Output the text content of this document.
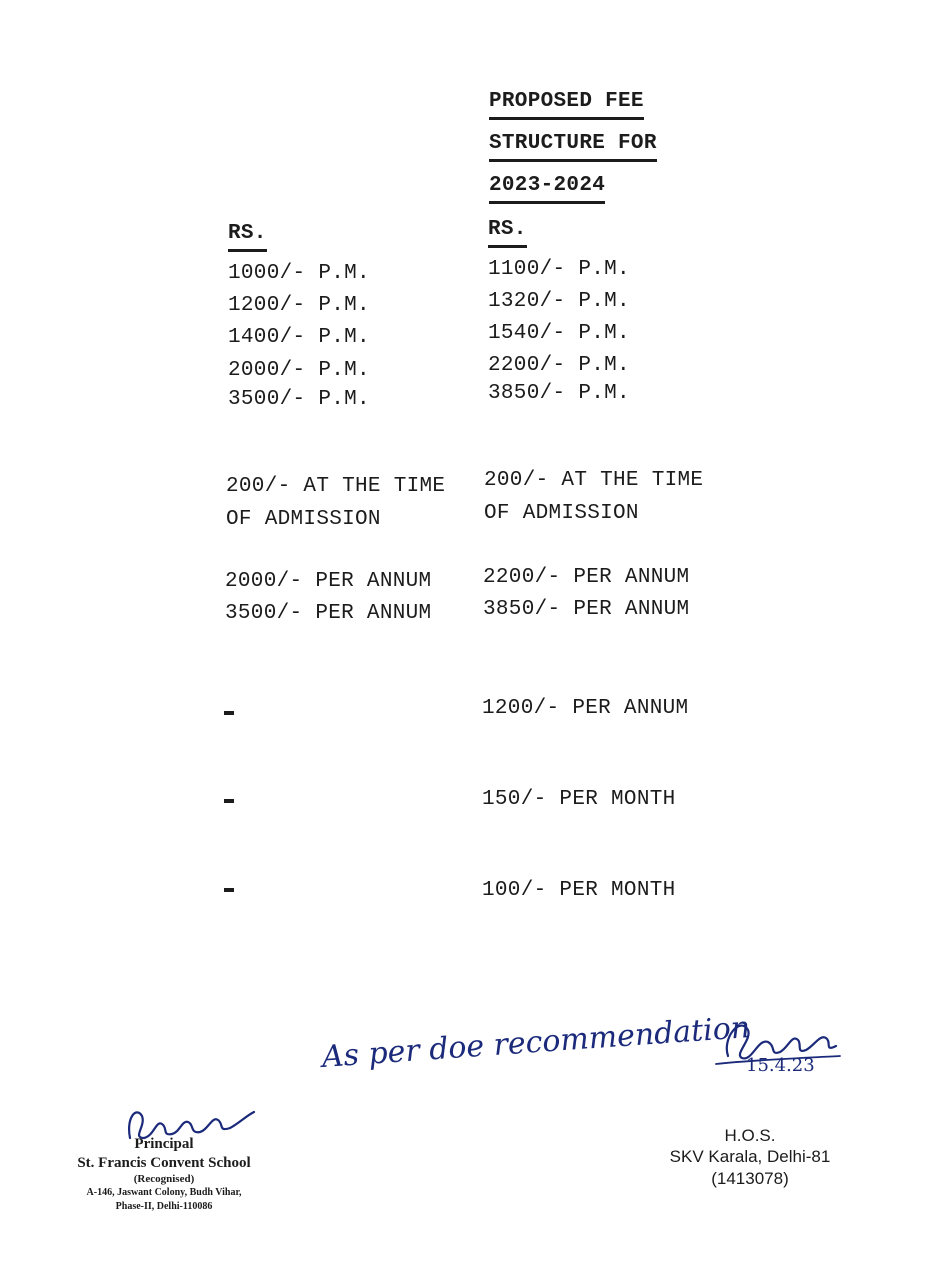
PROPOSED FEE
STRUCTURE FOR
2023-2024
RS.	RS.
1000/- P.M.
1200/- P.M.
1400/- P.M.
2000/- P.M.
3500/- P.M.
1100/- P.M.
1320/- P.M.
1540/- P.M.
2200/- P.M.
3850/- P.M.
200/- AT THE TIME
OF ADMISSION
200/- AT THE TIME
OF ADMISSION
2000/- PER ANNUM
3500/- PER ANNUM
2200/- PER ANNUM
3850/- PER ANNUM
1200/- PER ANNUM
150/- PER MONTH
100/- PER MONTH
As per doe recommendation
15.4.23
Principal
St. Francis Convent School
(Recognised)
A-146, Jaswant Colony, Budh Vihar,
Phase-II, Delhi-110086
H.O.S.
SKV Karala, Delhi-81
(1413078)
